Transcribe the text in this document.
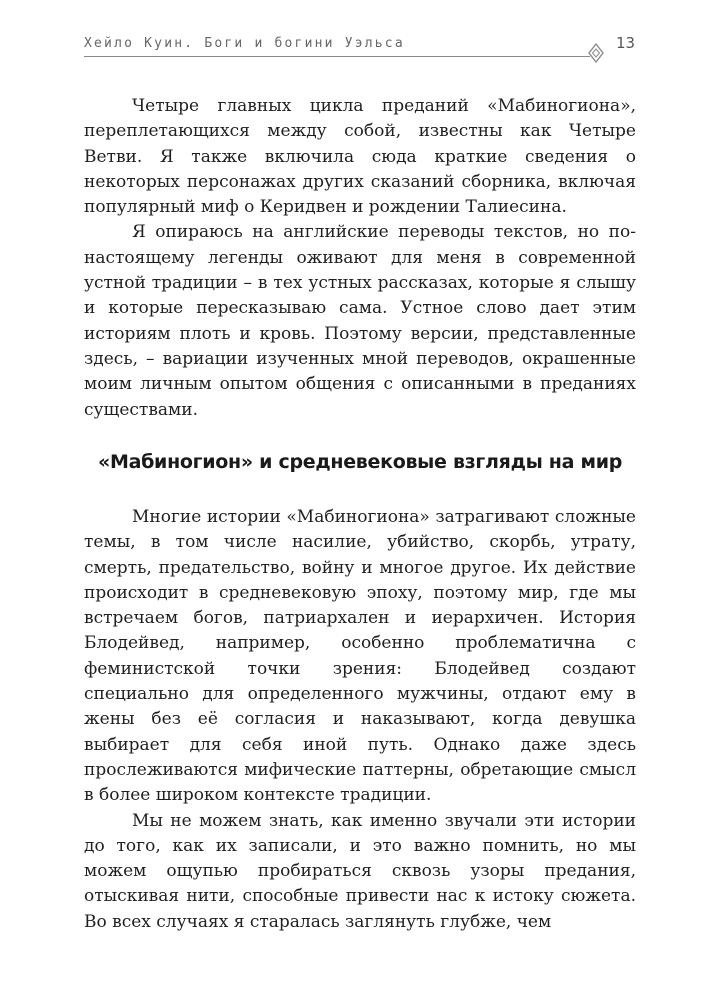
Хейло Куин. Боги и богини Уэльса	13

Четыре главных цикла преданий «Мабиногиона», переплетающихся между собой, известны как Четыре Ветви. Я также включила сюда краткие сведения о некоторых персонажах других сказаний сборника, включая популярный миф о Керидвен и рождении Талиесина.

Я опираюсь на английские переводы текстов, но по-настоящему легенды оживают для меня в современной устной традиции – в тех устных рассказах, которые я слышу и которые пересказываю сама. Устное слово дает этим историям плоть и кровь. Поэтому версии, представленные здесь, – вариации изученных мной переводов, окрашенные моим личным опытом общения с описанными в преданиях существами.

«Мабиногион» и средневековые взгляды на мир

Многие истории «Мабиногиона» затрагивают сложные темы, в том числе насилие, убийство, скорбь, утрату, смерть, предательство, войну и многое другое. Их действие происходит в средневековую эпоху, поэтому мир, где мы встречаем богов, патриархален и иерархичен. История Блодейвед, например, особенно проблематична с феминистской точки зрения: Блодейвед создают специально для определенного мужчины, отдают ему в жены без её согласия и наказывают, когда девушка выбирает для себя иной путь. Однако даже здесь прослеживаются мифические паттерны, обретающие смысл в более широком контексте традиции.

Мы не можем знать, как именно звучали эти истории до того, как их записали, и это важно помнить, но мы можем ощупью пробираться сквозь узоры предания, отыскивая нити, способные привести нас к истоку сюжета. Во всех случаях я старалась заглянуть глубже, чем
